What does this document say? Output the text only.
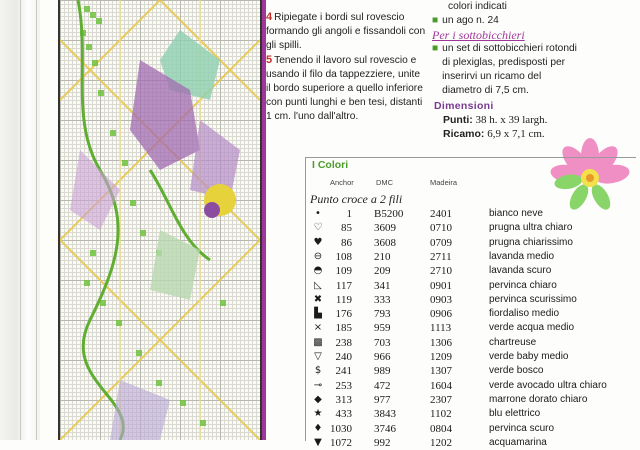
4 Ripiegate i bordi sul rovescio formando gli angoli e fissandoli con gli spilli.

5 Tenendo il lavoro sul rovescio e usando il filo da tappezziere, unite il bordo superiore a quello inferiore con punti lunghi e ben tesi, distanti 1 cm. l'uno dall'altro.

colori indicati
■ un ago n. 24
Per i sottobicchieri
■ un set di sottobicchieri rotondi di plexiglas, predisposti per inserirvi un ricamo del diametro di 7,5 cm.
Dimensioni
Punti: 38 h. x 39 largh.
Ricamo: 6,9 x 7,1 cm.
I Colori
Anchor	DMC	Madeira
Punto croce a 2 fili
•	1 B5200 2401	bianco neve
♡	85 3609	0710	prugna ultra chiaro
♥	86 3608	0709	prugna chiarissimo
⊖	108 210	2711	lavanda medio
◓	109 209	2710	lavanda scuro
◺	117 341	0901	pervinca chiaro
✖	119 333	0903	pervinca scurissimo
▙	176 793	0906	fiordaliso medio
×	185 959	1113	verde acqua medio
▩	238 703	1306	chartreuse
▽	240 966	1209	verde baby medio
$	241 989	1307	verde bosco
⊸	253 472	1604	verde avocado ultra chiaro
◆	313 977	2307	marrone dorato chiaro
★	433 3843	1102	blu elettrico
♦ 1030 3746	0804	pervinca scuro
▼ 1072 992	1202	acquamarina
